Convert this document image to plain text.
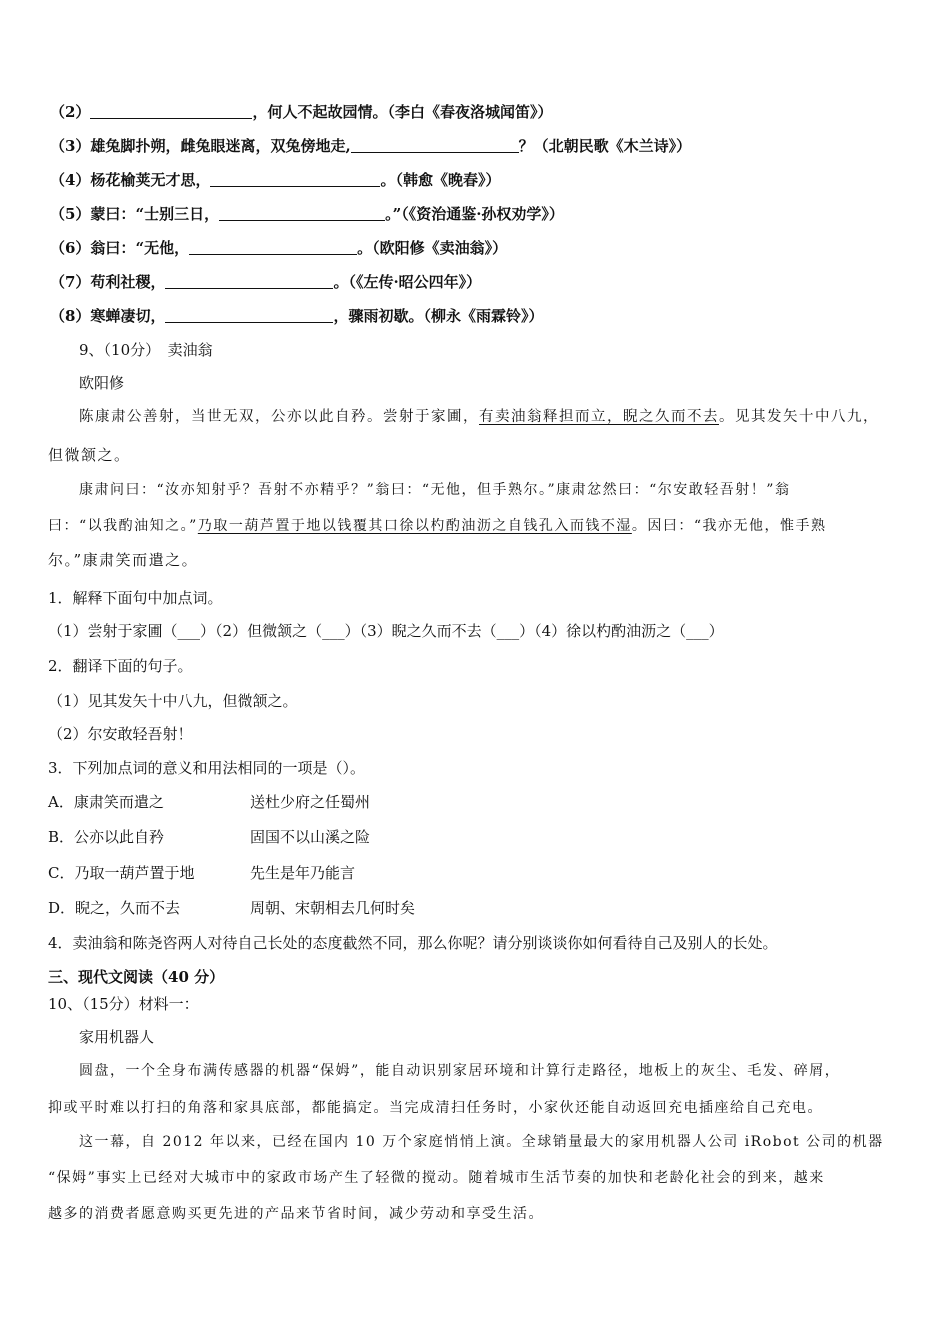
（2）	，何人不起故园情。（李白《春夜洛城闻笛》）
（3）雄兔脚扑朔，雌兔眼迷离，双兔傍地走,	？（北朝民歌《木兰诗》）
（4）杨花榆荚无才思，	。（韩愈《晚春》）
（5）蒙曰：“士别三日，	。”（《资治通鉴·孙权劝学》）
（6）翁曰：“无他，	。（欧阳修《卖油翁》）
（7）苟利社稷，	。（《左传·昭公四年》）
（8）寒蝉凄切，	，骤雨初歇。（柳永《雨霖铃》）
9、（10分）　卖油翁
欧阳修
陈康肃公善射，当世无双，公亦以此自矜。尝射于家圃，有卖油翁释担而立，睨之久而不去。见其发矢十中八九，
但微颔之。
康肃问曰：“汝亦知射乎？吾射不亦精乎？”翁曰：“无他，但手熟尔。”康肃忿然曰：“尔安敢轻吾射！”翁
曰：“以我酌油知之。”乃取一葫芦置于地以钱覆其口徐以杓酌油沥之自钱孔入而钱不湿。因曰：“我亦无他，惟手熟
尔。”康肃笑而遣之。
1．解释下面句中加点词。
（1）尝射于家圃（___）（2）但微颔之（___）（3）睨之久而不去（___）（4）徐以杓酌油沥之（___）
2．翻译下面的句子。
（1）见其发矢十中八九，但微颔之。
（2）尔安敢轻吾射！
3．下列加点词的意义和用法相同的一项是（）。
A．康肃笑而遣之	送杜少府之任蜀州
B．公亦以此自矜	固国不以山溪之险
C．乃取一葫芦置于地	先生是年乃能言
D．睨之，久而不去	周朝、宋朝相去几何时矣
4．卖油翁和陈尧咨两人对待自己长处的态度截然不同，那么你呢？请分别谈谈你如何看待自己及别人的长处。
三、现代文阅读（40 分）
10、（15分）材料一：
家用机器人
圆盘，一个全身布满传感器的机器“保姆”，能自动识别家居环境和计算行走路径，地板上的灰尘、毛发、碎屑，
抑或平时难以打扫的角落和家具底部，都能搞定。当完成清扫任务时，小家伙还能自动返回充电插座给自己充电。
这一幕，自 2012 年以来，已经在国内 10 万个家庭悄悄上演。全球销量最大的家用机器人公司 iRobot 公司的机器
“保姆”事实上已经对大城市中的家政市场产生了轻微的搅动。随着城市生活节奏的加快和老龄化社会的到来，越来
越多的消费者愿意购买更先进的产品来节省时间，减少劳动和享受生活。
